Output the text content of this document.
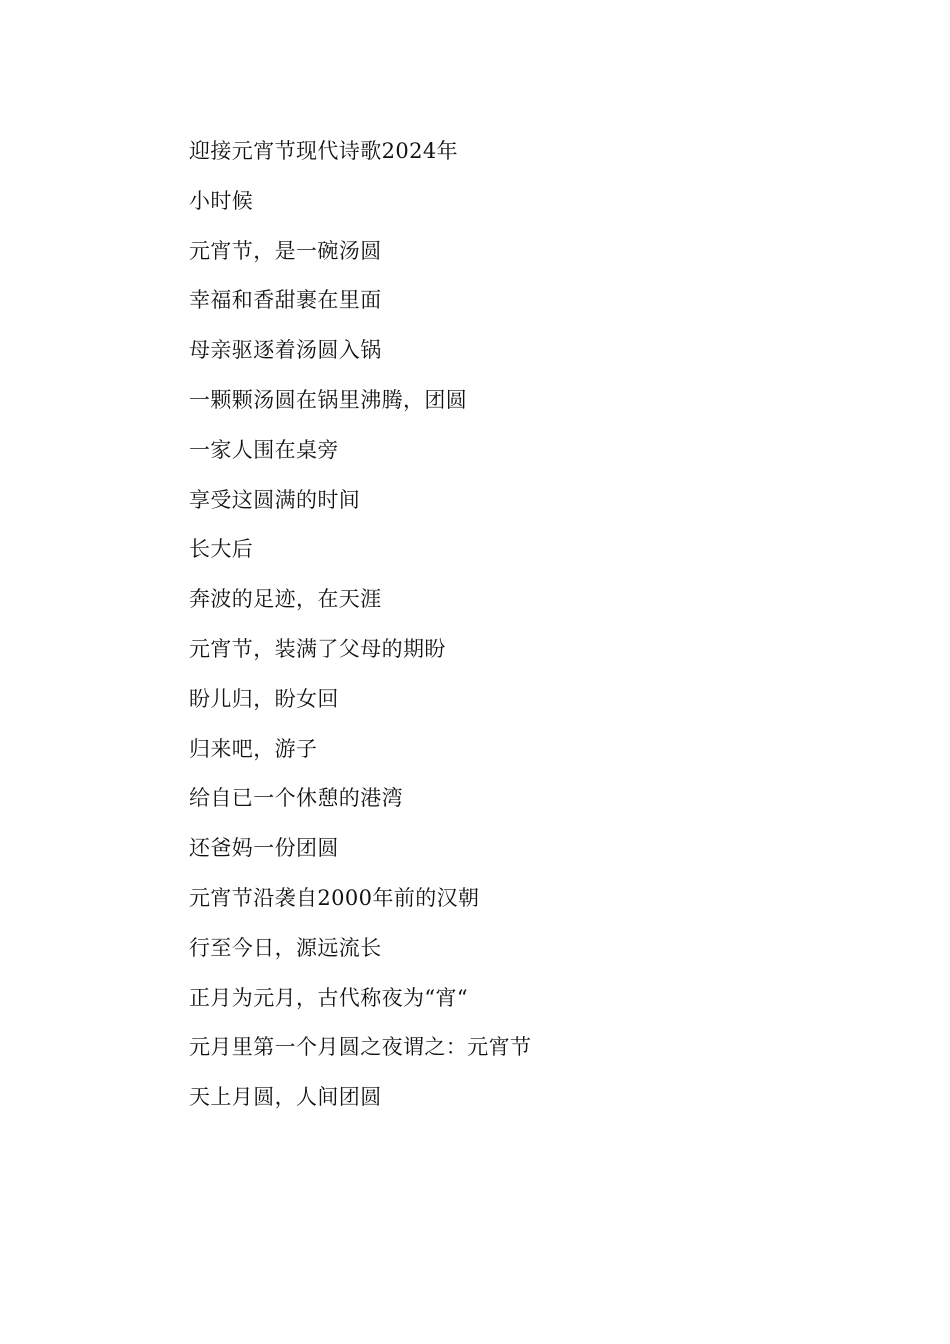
迎接元宵节现代诗歌2024年
小时候
元宵节，是一碗汤圆
幸福和香甜裹在里面
母亲驱逐着汤圆入锅
一颗颗汤圆在锅里沸腾，团圆
一家人围在桌旁
享受这圆满的时间
长大后
奔波的足迹，在天涯
元宵节，装满了父母的期盼
盼儿归，盼女回
归来吧，游子
给自已一个休憩的港湾
还爸妈一份团圆
元宵节沿袭自2000年前的汉朝
行至今日，源远流长
正月为元月，古代称夜为“宵“
元月里第一个月圆之夜谓之：元宵节
天上月圆，人间团圆
